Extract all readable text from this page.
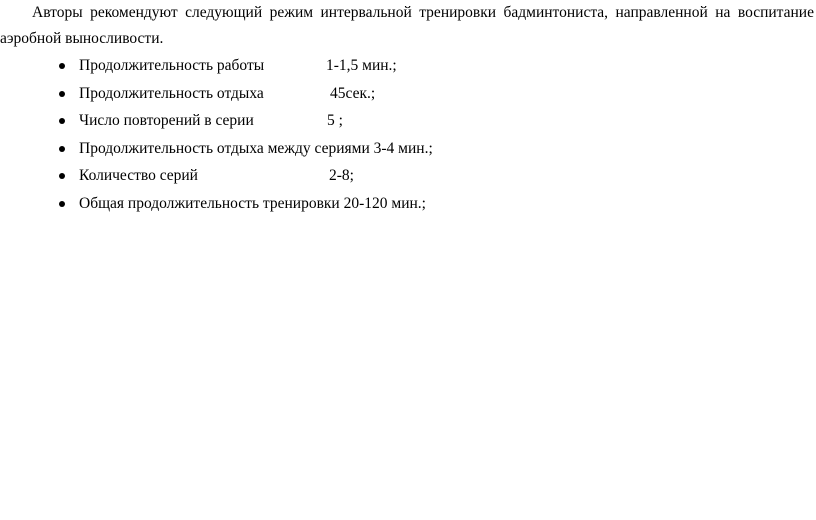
Авторы рекомендуют следующий режим интервальной тренировки бадминтониста, направленной на воспитание аэробной выносливости.

Продолжительность работы	1-1,5 мин.;
Продолжительность отдыха	45сек.;
Число повторений в серии	5 ;
Продолжительность отдыха между сериями 3-4 мин.;
Количество серий	2-8;
Общая продолжительность тренировки 20-120 мин.;
